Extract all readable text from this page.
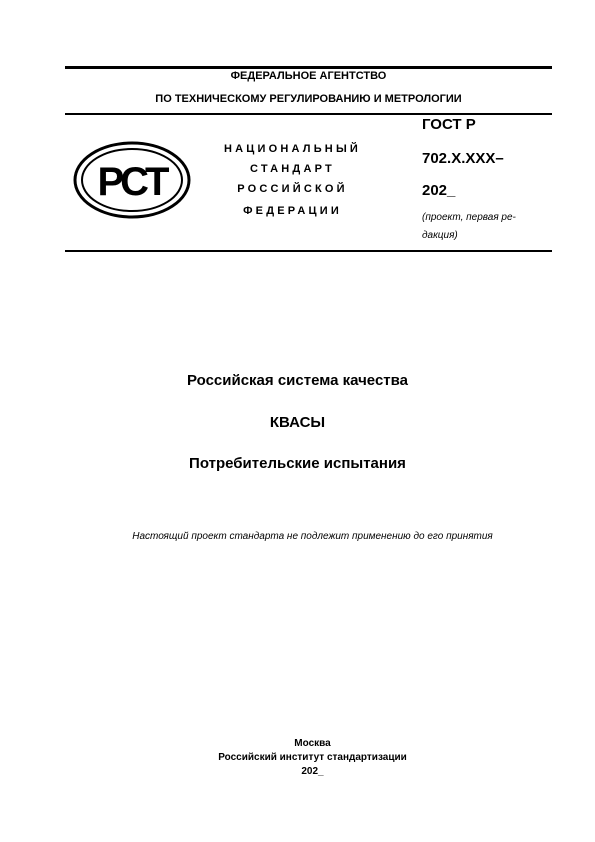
ФЕДЕРАЛЬНОЕ АГЕНТСТВО
ПО ТЕХНИЧЕСКОМУ РЕГУЛИРОВАНИЮ И МЕТРОЛОГИИ
РСТ
НАЦИОНАЛЬНЫЙ
СТАНДАРТ
РОССИЙСКОЙ
ФЕДЕРАЦИИ
ГОСТ Р
702.X.XXX–
202_
(проект, первая ре-
дакция)
Российская система качества
КВАСЫ
Потребительские испытания
Настоящий проект стандарта не подлежит применению до его принятия
Москва
Российский институт стандартизации
202_
